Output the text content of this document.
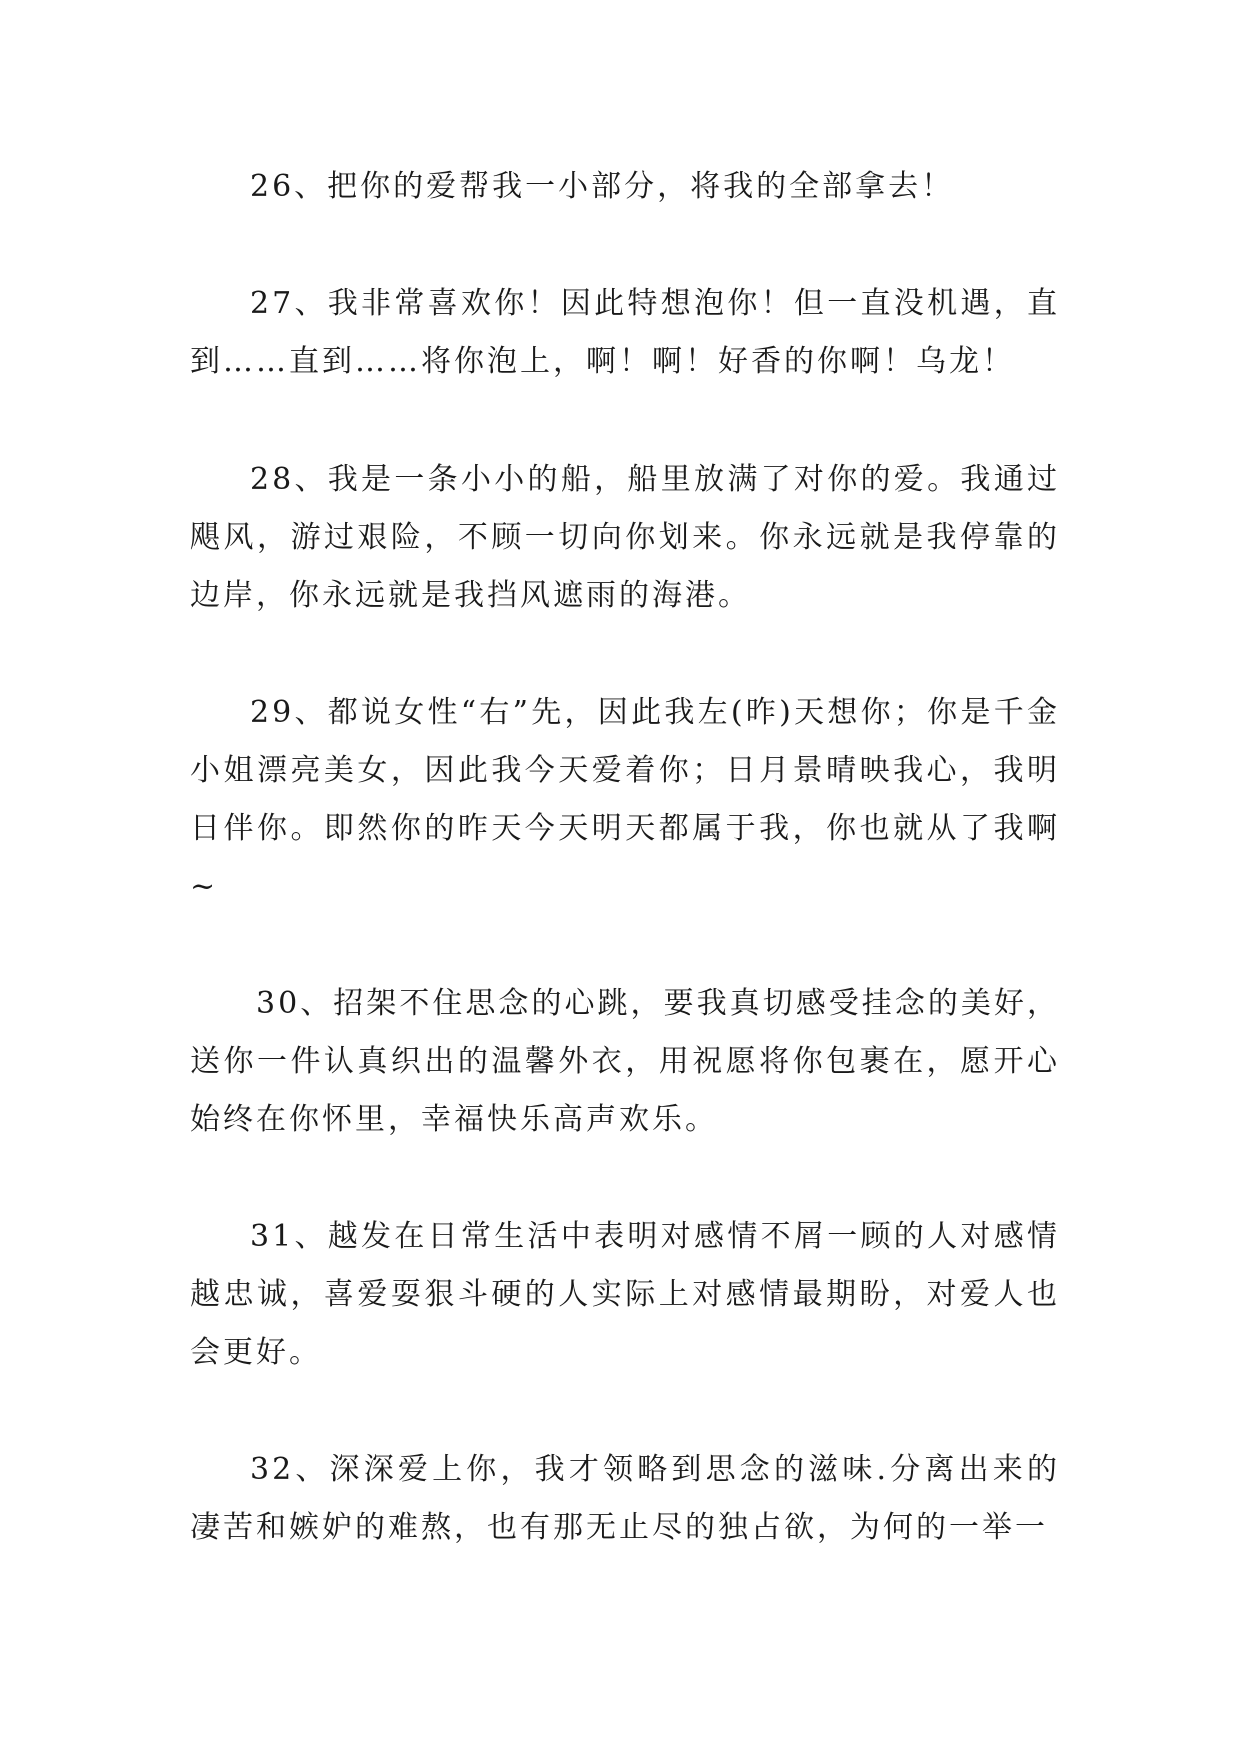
26、把你的爱帮我一小部分，将我的全部拿去！

27、我非常喜欢你！因此特想泡你！但一直没机遇，直到……直到……将你泡上，啊！啊！好香的你啊！乌龙！

28、我是一条小小的船，船里放满了对你的爱。我通过飓风，游过艰险，不顾一切向你划来。你永远就是我停靠的边岸，你永远就是我挡风遮雨的海港。

29、都说女性“右”先，因此我左(昨)天想你；你是千金小姐漂亮美女，因此我今天爱着你；日月景晴映我心，我明日伴你。即然你的昨天今天明天都属于我，你也就从了我啊~

30、招架不住思念的心跳，要我真切感受挂念的美好，送你一件认真织出的温馨外衣，用祝愿将你包裹在，愿开心始终在你怀里，幸福快乐高声欢乐。

31、越发在日常生活中表明对感情不屑一顾的人对感情越忠诚，喜爱耍狠斗硬的人实际上对感情最期盼，对爱人也会更好。

32、深深爱上你，我才领略到思念的滋味.分离出来的凄苦和嫉妒的难熬，也有那无止尽的独占欲，为何的一举一
